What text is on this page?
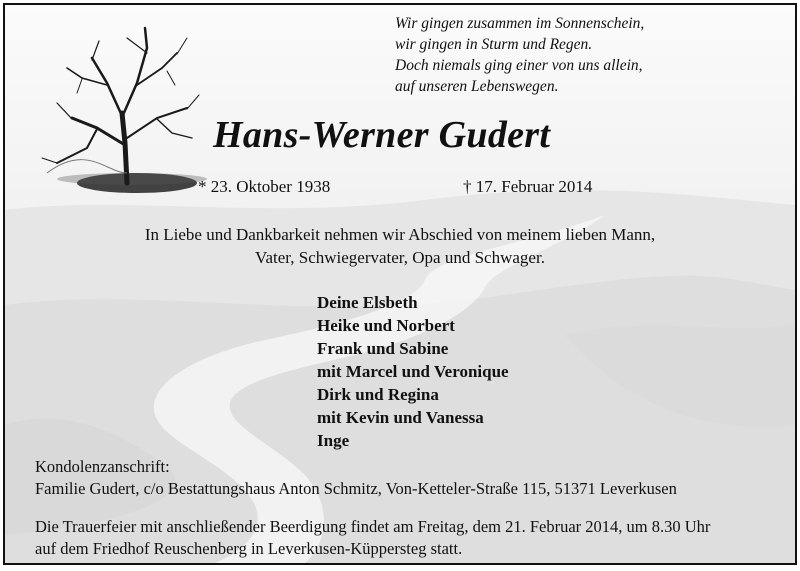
Wir gingen zusammen im Sonnenschein,
wir gingen in Sturm und Regen.
Doch niemals ging einer von uns allein,
auf unseren Lebenswegen.
Hans-Werner Gudert
* 23. Oktober 1938	† 17. Februar 2014
In Liebe und Dankbarkeit nehmen wir Abschied von meinem lieben Mann,
Vater, Schwiegervater, Opa und Schwager.
Deine Elsbeth
Heike und Norbert
Frank und Sabine
mit Marcel und Veronique
Dirk und Regina
mit Kevin und Vanessa
Inge
Kondolenzanschrift:
Familie Gudert, c/o Bestattungshaus Anton Schmitz, Von-Ketteler-Straße 115, 51371 Leverkusen
Die Trauerfeier mit anschließender Beerdigung findet am Freitag, dem 21. Februar 2014, um 8.30 Uhr
auf dem Friedhof Reuschenberg in Leverkusen-Küppersteg statt.
